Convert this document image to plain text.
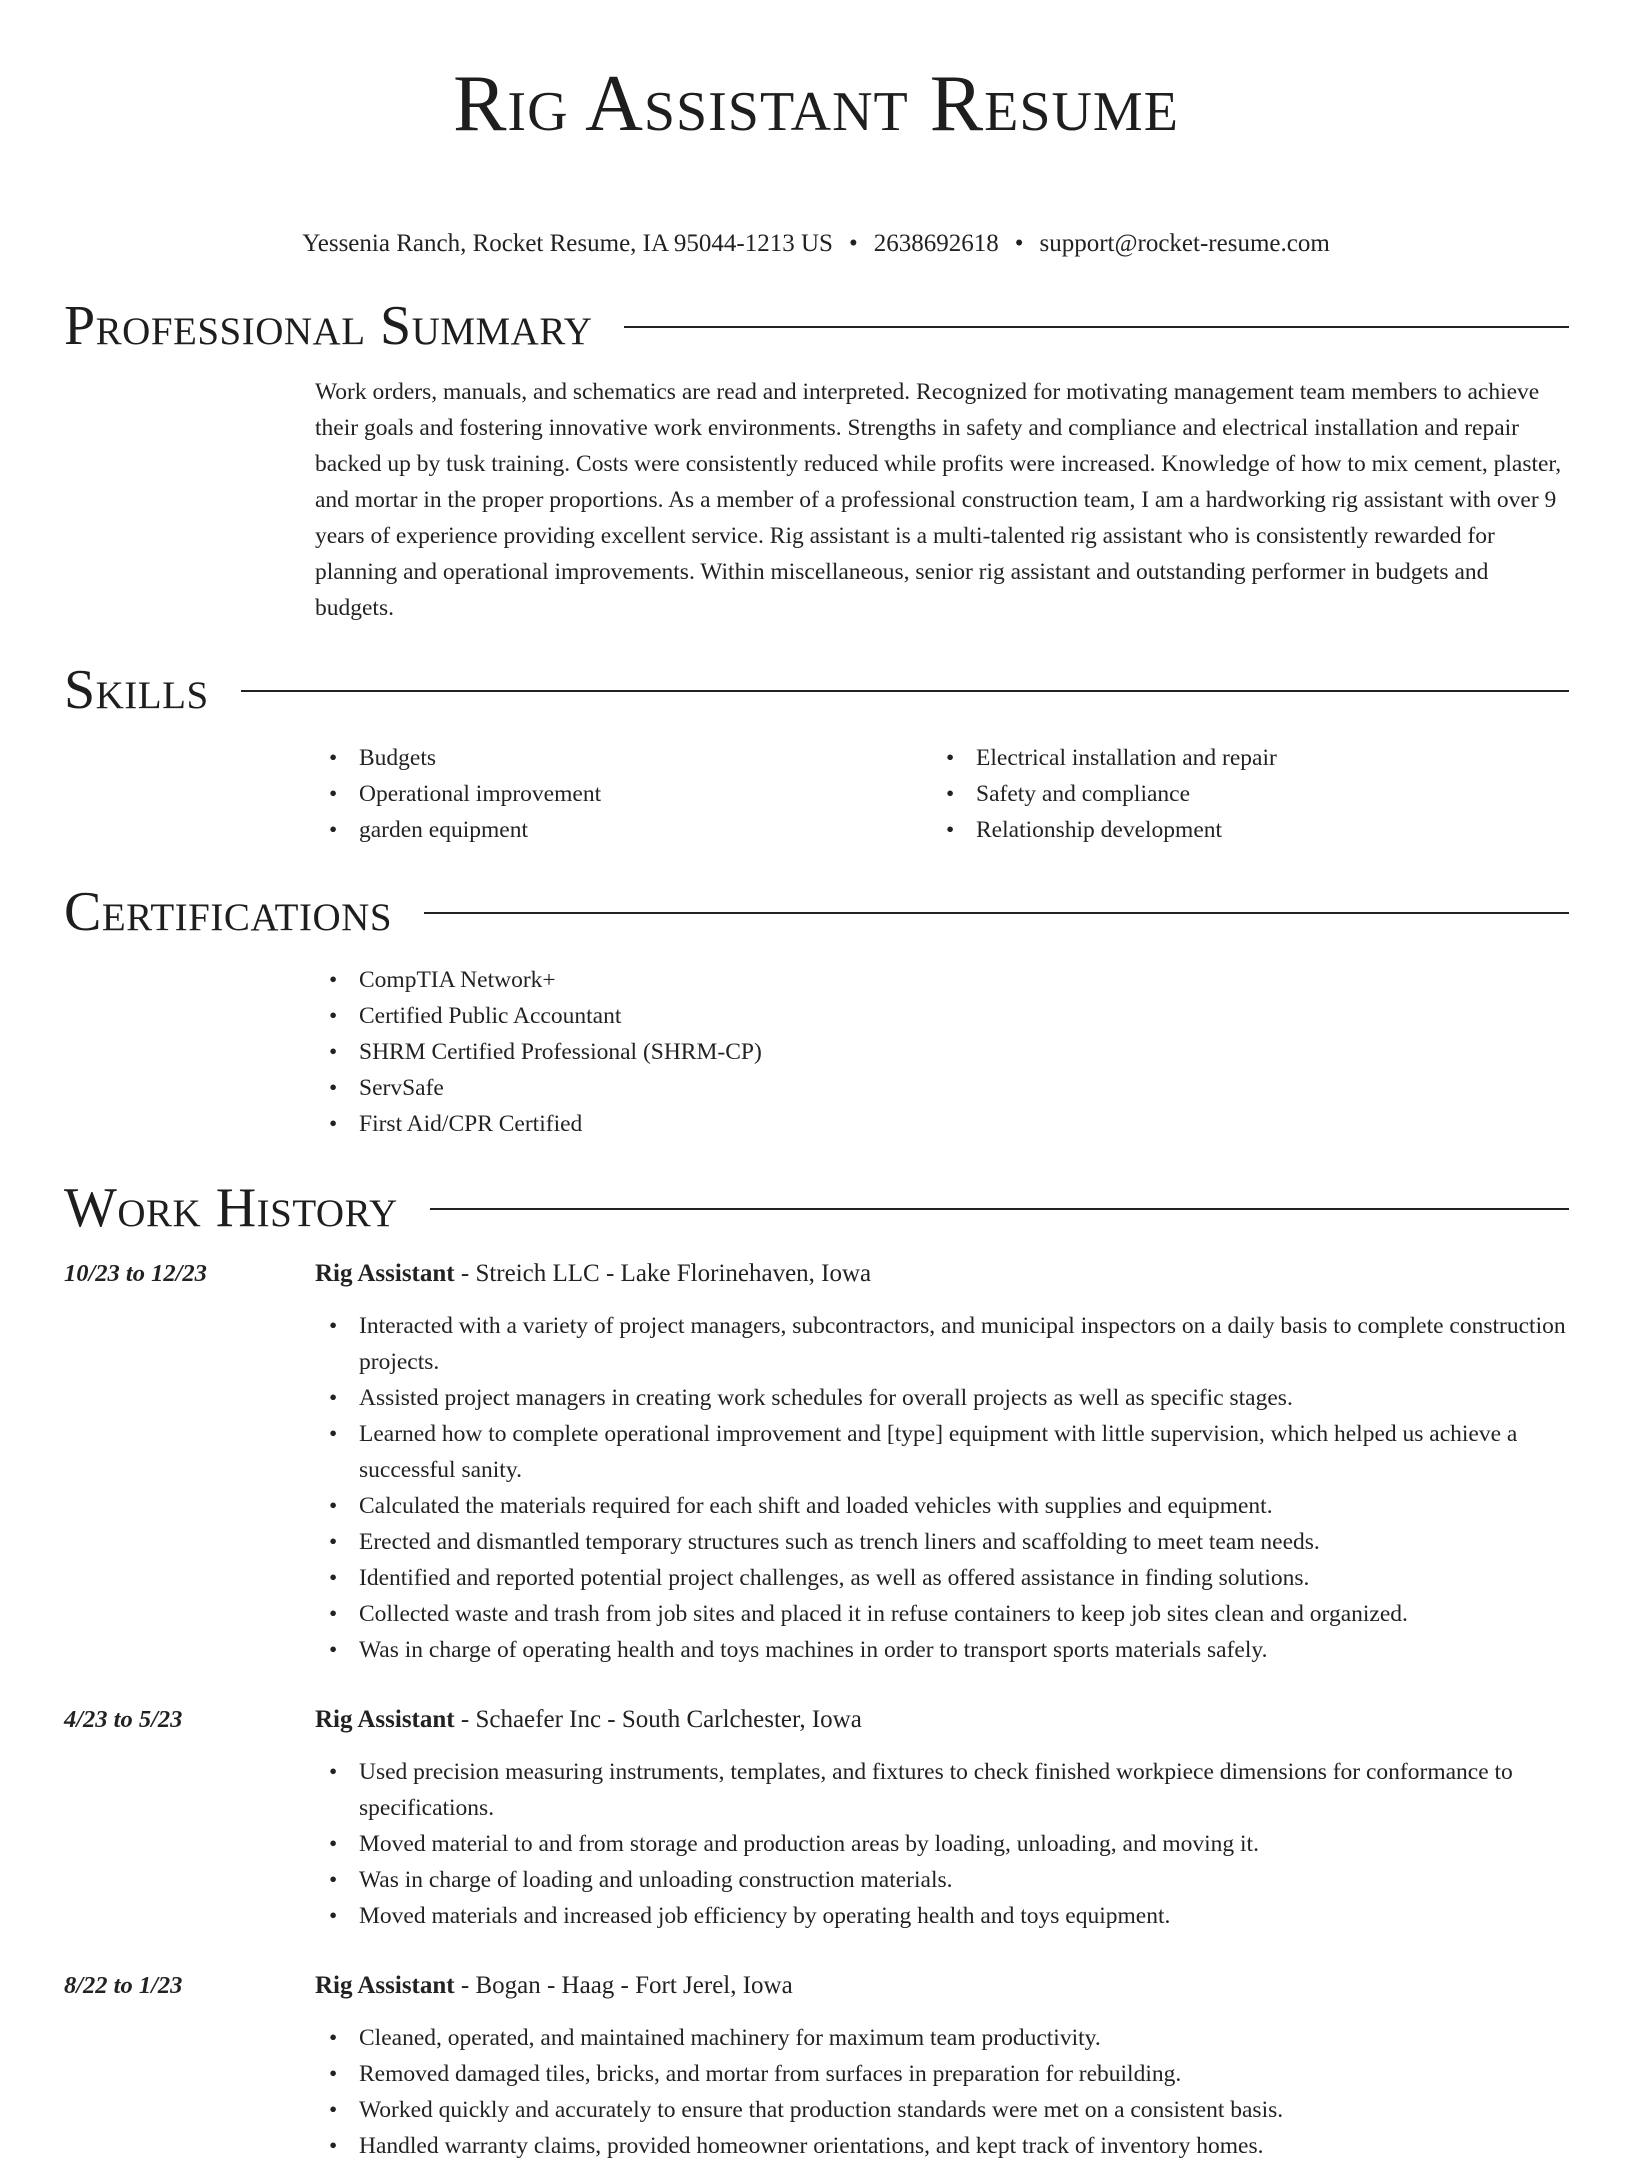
Rig Assistant Resume
Yessenia Ranch, Rocket Resume, IA 95044-1213 US • 2638692618 • support@rocket-resume.com
Professional Summary
Work orders, manuals, and schematics are read and interpreted. Recognized for motivating management team members to achieve their goals and fostering innovative work environments. Strengths in safety and compliance and electrical installation and repair backed up by tusk training. Costs were consistently reduced while profits were increased. Knowledge of how to mix cement, plaster, and mortar in the proper proportions. As a member of a professional construction team, I am a hardworking rig assistant with over 9 years of experience providing excellent service. Rig assistant is a multi-talented rig assistant who is consistently rewarded for planning and operational improvements. Within miscellaneous, senior rig assistant and outstanding performer in budgets and budgets.
Skills
• Budgets
• Operational improvement
• garden equipment
• Electrical installation and repair
• Safety and compliance
• Relationship development
Certifications
• CompTIA Network+
• Certified Public Accountant
• SHRM Certified Professional (SHRM-CP)
• ServSafe
• First Aid/CPR Certified
Work History
10/23 to 12/23	Rig Assistant - Streich LLC - Lake Florinehaven, Iowa
• Interacted with a variety of project managers, subcontractors, and municipal inspectors on a daily basis to complete construction projects.
• Assisted project managers in creating work schedules for overall projects as well as specific stages.
• Learned how to complete operational improvement and [type] equipment with little supervision, which helped us achieve a successful sanity.
• Calculated the materials required for each shift and loaded vehicles with supplies and equipment.
• Erected and dismantled temporary structures such as trench liners and scaffolding to meet team needs.
• Identified and reported potential project challenges, as well as offered assistance in finding solutions.
• Collected waste and trash from job sites and placed it in refuse containers to keep job sites clean and organized.
• Was in charge of operating health and toys machines in order to transport sports materials safely.
4/23 to 5/23	Rig Assistant - Schaefer Inc - South Carlchester, Iowa
• Used precision measuring instruments, templates, and fixtures to check finished workpiece dimensions for conformance to specifications.
• Moved material to and from storage and production areas by loading, unloading, and moving it.
• Was in charge of loading and unloading construction materials.
• Moved materials and increased job efficiency by operating health and toys equipment.
8/22 to 1/23	Rig Assistant - Bogan - Haag - Fort Jerel, Iowa
• Cleaned, operated, and maintained machinery for maximum team productivity.
• Removed damaged tiles, bricks, and mortar from surfaces in preparation for rebuilding.
• Worked quickly and accurately to ensure that production standards were met on a consistent basis.
• Handled warranty claims, provided homeowner orientations, and kept track of inventory homes.
